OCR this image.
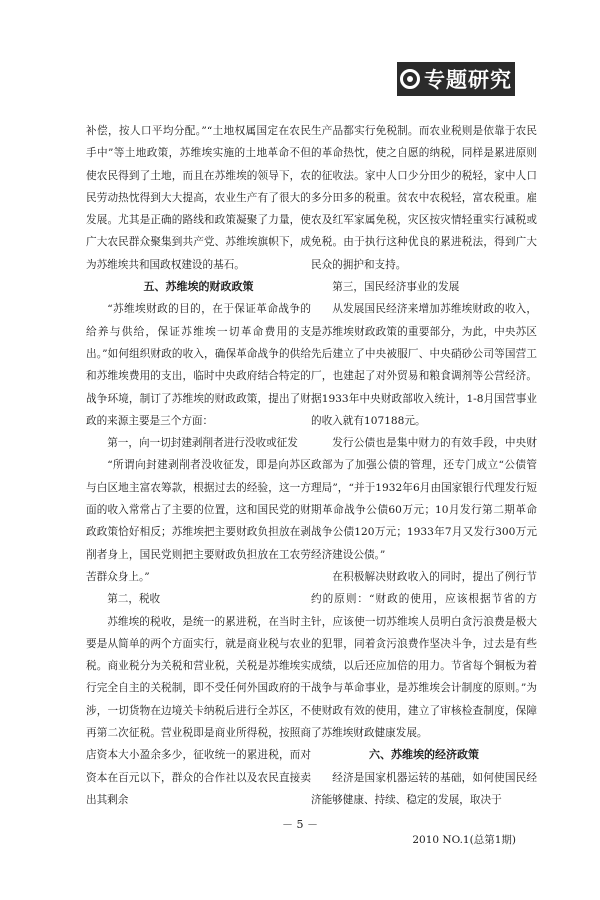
专题研究

补偿，按人口平均分配。”“土地权属国定在农民手中”等土地政策，苏维埃实施的土地革命不但使农民得到了土地，而且在苏维埃的领导下，农民劳动热忱得到大大提高，农业生产有了很大的发展。尤其是正确的路线和政策凝聚了力量，使广大农民群众聚集到共产党、苏维埃旗帜下，成为苏维埃共和国政权建设的基石。

五、苏维埃的财政政策

“苏维埃财政的目的，在于保证革命战争的给养与供给，保证苏维埃一切革命费用的支出。”如何组织财政的收入，确保革命战争的供给和苏维埃费用的支出，临时中央政府结合特定的战争环境，制订了苏维埃的财政政策，提出了财政的来源主要是三个方面：

第一，向一切封建剥削者进行没收或征发

“所谓向封建剥削者没收征发，即是向苏区与白区地主富农筹款，根据过去的经验，这一方面的收入常常占了主要的位置，这和国民党的财政政策恰好相反；苏维埃把主要财政负担放在剥削者身上，国民党则把主要财政负担放在工农劳苦群众身上。”

第二，税收

苏维埃的税收，是统一的累进税，在当时主要是从简单的两个方面实行，就是商业税与农业税。商业税分为关税和营业税，关税是苏维埃实行完全自主的关税制，即不受任何外国政府的干涉，一切货物在边境关卡纳税后进行全苏区，不再第二次征税。营业税即是商业所得税，按照商店资本大小盈余多少，征收统一的累进税，而对资本在百元以下，群众的合作社以及农民直接卖出其剩余

生产品都实行免税制。而农业税则是依靠于农民的革命热忱，使之自愿的纳税，同样是累进原则的征收法。家中人口少分田少的税轻，家中人口多分田多的税重。贫农中农税轻，富农税重。雇农及红军家属免税，灾区按灾情轻重实行减税或免税。由于执行这种优良的累进税法，得到广大民众的拥护和支持。

第三，国民经济事业的发展

从发展国民经济来增加苏维埃财政的收入，是苏维埃财政政策的重要部分，为此，中央苏区先后建立了中央被服厂、中央硝砂公司等国营工厂，也建起了对外贸易和粮食调剂等公营经济。据1933年中央财政部收入统计，1-8月国营事业的收入就有107188元。

发行公债也是集中财力的有效手段，中央财政部为了加强公债的管理，还专门成立“公债管理局”，“并于1932年6月由国家银行代理发行短期革命战争公债60万元；10月发行第二期革命战争公债120万元；1933年7月又发行300万元经济建设公债。”

在积极解决财政收入的同时，提出了例行节约的原则：“财政的使用，应该根据节省的方针，应该使一切苏维埃人员明白贪污浪费是极大的犯罪，同着贪污浪费作坚决斗争，过去是有些成绩，以后还应加倍的用力。节省每个铜板为着战争与革命事业，是苏维埃会计制度的原则。”为使财政有效的使用，建立了审核检查制度，保障了苏维埃财政健康发展。

六、苏维埃的经济政策

经济是国家机器运转的基础，如何使国民经济能够健康、持续、稳定的发展，取决于

－ 5 －
2010 NO.1(总第1期)
